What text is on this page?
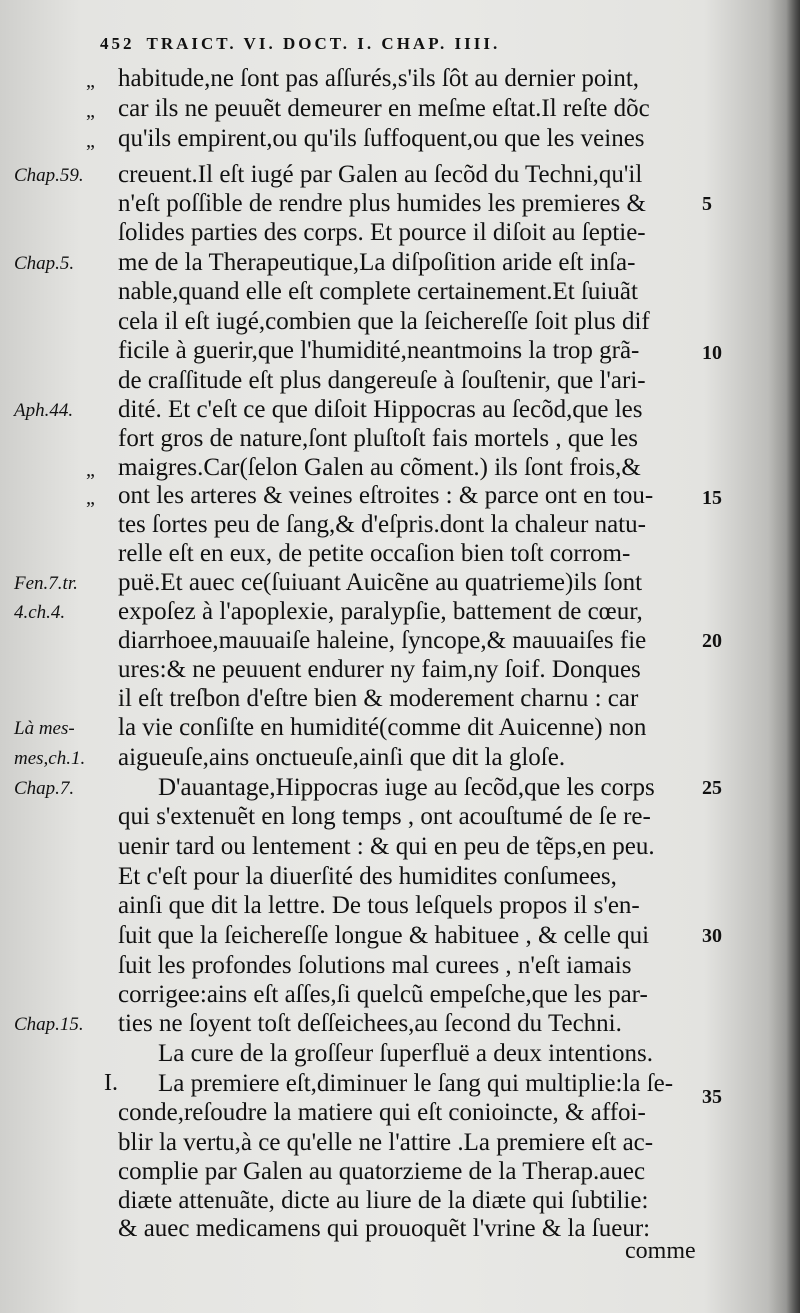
452 TRAICT. VI. DOCT. I. CHAP. IIII.
habitude,ne ſont pas aſſurés,s'ils ſôt au dernier point,
car ils ne peuuẽt demeurer en meſme eſtat.Il reſte dõc
qu'ils empirent,ou qu'ils ſuffoquent,ou que les veines
creuent.Il eſt iugé par Galen au ſecõd du Techni,qu'il
n'eſt poſſible de rendre plus humides les premieres &
ſolides parties des corps. Et pource il diſoit au ſeptie-
me de la Therapeutique,La diſpoſition aride eſt inſa-
nable,quand elle eſt complete certainement.Et ſuiuãt
cela il eſt iugé,combien que la ſeichereſſe ſoit plus dif
ficile à guerir,que l'humidité,neantmoins la trop grã-
de craſſitude eſt plus dangereuſe à ſouſtenir, que l'ari-
dité. Et c'eſt ce que diſoit Hippocras au ſecõd,que les
fort gros de nature,ſont pluſtoſt fais mortels , que les
maigres.Car(ſelon Galen au cõment.) ils ſont frois,&
ont les arteres & veines eſtroites : & parce ont en tou-
tes ſortes peu de ſang,& d'eſpris.dont la chaleur natu-
relle eſt en eux, de petite occaſion bien toſt corrom-
puë.Et auec ce(ſuiuant Auicẽne au quatrieme)ils ſont
expoſez à l'apoplexie, paralypſie, battement de cœur,
diarrhoee,mauuaiſe haleine, ſyncope,& mauuaiſes fie
ures:& ne peuuent endurer ny faim,ny ſoif. Donques
il eſt treſbon d'eſtre bien & moderement charnu : car
la vie conſiſte en humidité(comme dit Auicenne) non
aigueuſe,ains onctueuſe,ainſi que dit la gloſe.
D'auantage,Hippocras iuge au ſecõd,que les corps
qui s'extenuẽt en long temps , ont acouſtumé de ſe re-
uenir tard ou lentement : & qui en peu de tẽps,en peu.
Et c'eſt pour la diuerſité des humidites conſumees,
ainſi que dit la lettre. De tous leſquels propos il s'en-
ſuit que la ſeichereſſe longue & habituee , & celle qui
ſuit les profondes ſolutions mal curees , n'eſt iamais
corrigee:ains eſt aſſes,ſi quelcũ empeſche,que les par-
ties ne ſoyent toſt deſſeichees,au ſecond du Techni.
La cure de la groſſeur ſuperfluë a deux intentions.
La premiere eſt,diminuer le ſang qui multiplie:la ſe-
conde,reſoudre la matiere qui eſt conioincte, & affoi-
blir la vertu,à ce qu'elle ne l'attire .La premiere eſt ac-
complie par Galen au quatorzieme de la Therap.auec
diæte attenuãte, dicte au liure de la diæte qui ſubtilie:
& auec medicamens qui prouoquẽt l'vrine & la ſueur:
comme
„
„
„
„
„
Chap.59.
Chap.5.
Aph.44.
Fen.7.tr.
4.ch.4.
Là mes-
mes,ch.1.
Chap.7.
Chap.15.
I.
5
10
15
20
25
30
35
